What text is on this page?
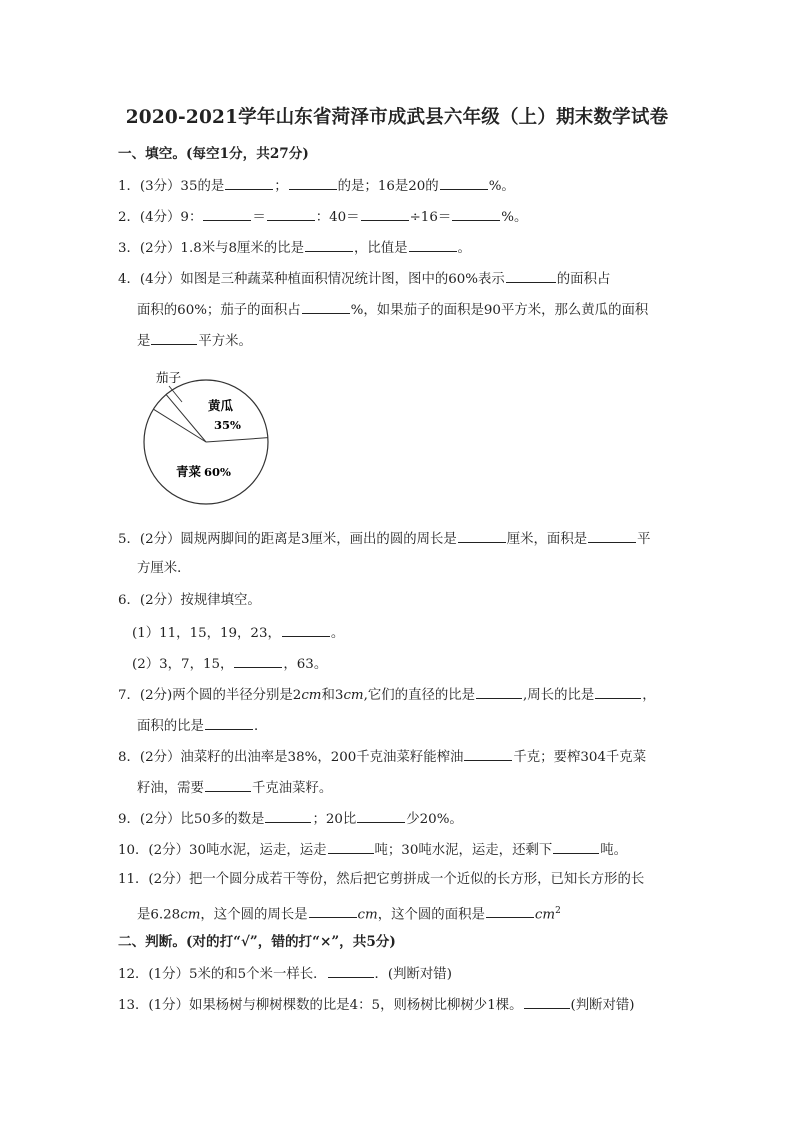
2020-2021学年山东省菏泽市成武县六年级（上）期末数学试卷
一、填空。(每空1分，共27分)
1．(3分）35的是	；	的是；16是20的	%。
2．(4分）9：	＝	：40＝	÷16＝	%。
3．(2分）1.8米与8厘米的比是	，比值是	。
4．(4分）如图是三种蔬菜种植面积情况统计图，图中的60%表示	的面积占
面积的60%；茄子的面积占	%，如果茄子的面积是90平方米，那么黄瓜的面积
是	平方米。
茄子
黄瓜
35%
青菜 60%
5．(2分）圆规两脚间的距离是3厘米，画出的圆的周长是	厘米，面积是	平
方厘米．
6．(2分）按规律填空。
(1）11，15，19，23，	。
(2）3，7，15，	，63。
7．(2分)两个圆的半径分别是2cm和3cm,它们的直径的比是	,周长的比是	，
面积的比是	．
8．(2分）油菜籽的出油率是38%，200千克油菜籽能榨油	千克；要榨304千克菜
籽油，需要	千克油菜籽。
9．(2分）比50多的数是	；20比	少20%。
10．(2分）30吨水泥，运走，运走	吨；30吨水泥，运走，还剩下	吨。
11．(2分）把一个圆分成若干等份，然后把它剪拼成一个近似的长方形，已知长方形的长
是6.28cm，这个圆的周长是	cm，这个圆的面积是	$cm^2$
二、判断。(对的打“√”，错的打“×”，共5分)
12．(1分）5米的和5个米一样长．	．(判断对错)
13．(1分）如果杨树与柳树棵数的比是4：5，则杨树比柳树少1棵。	(判断对错)
